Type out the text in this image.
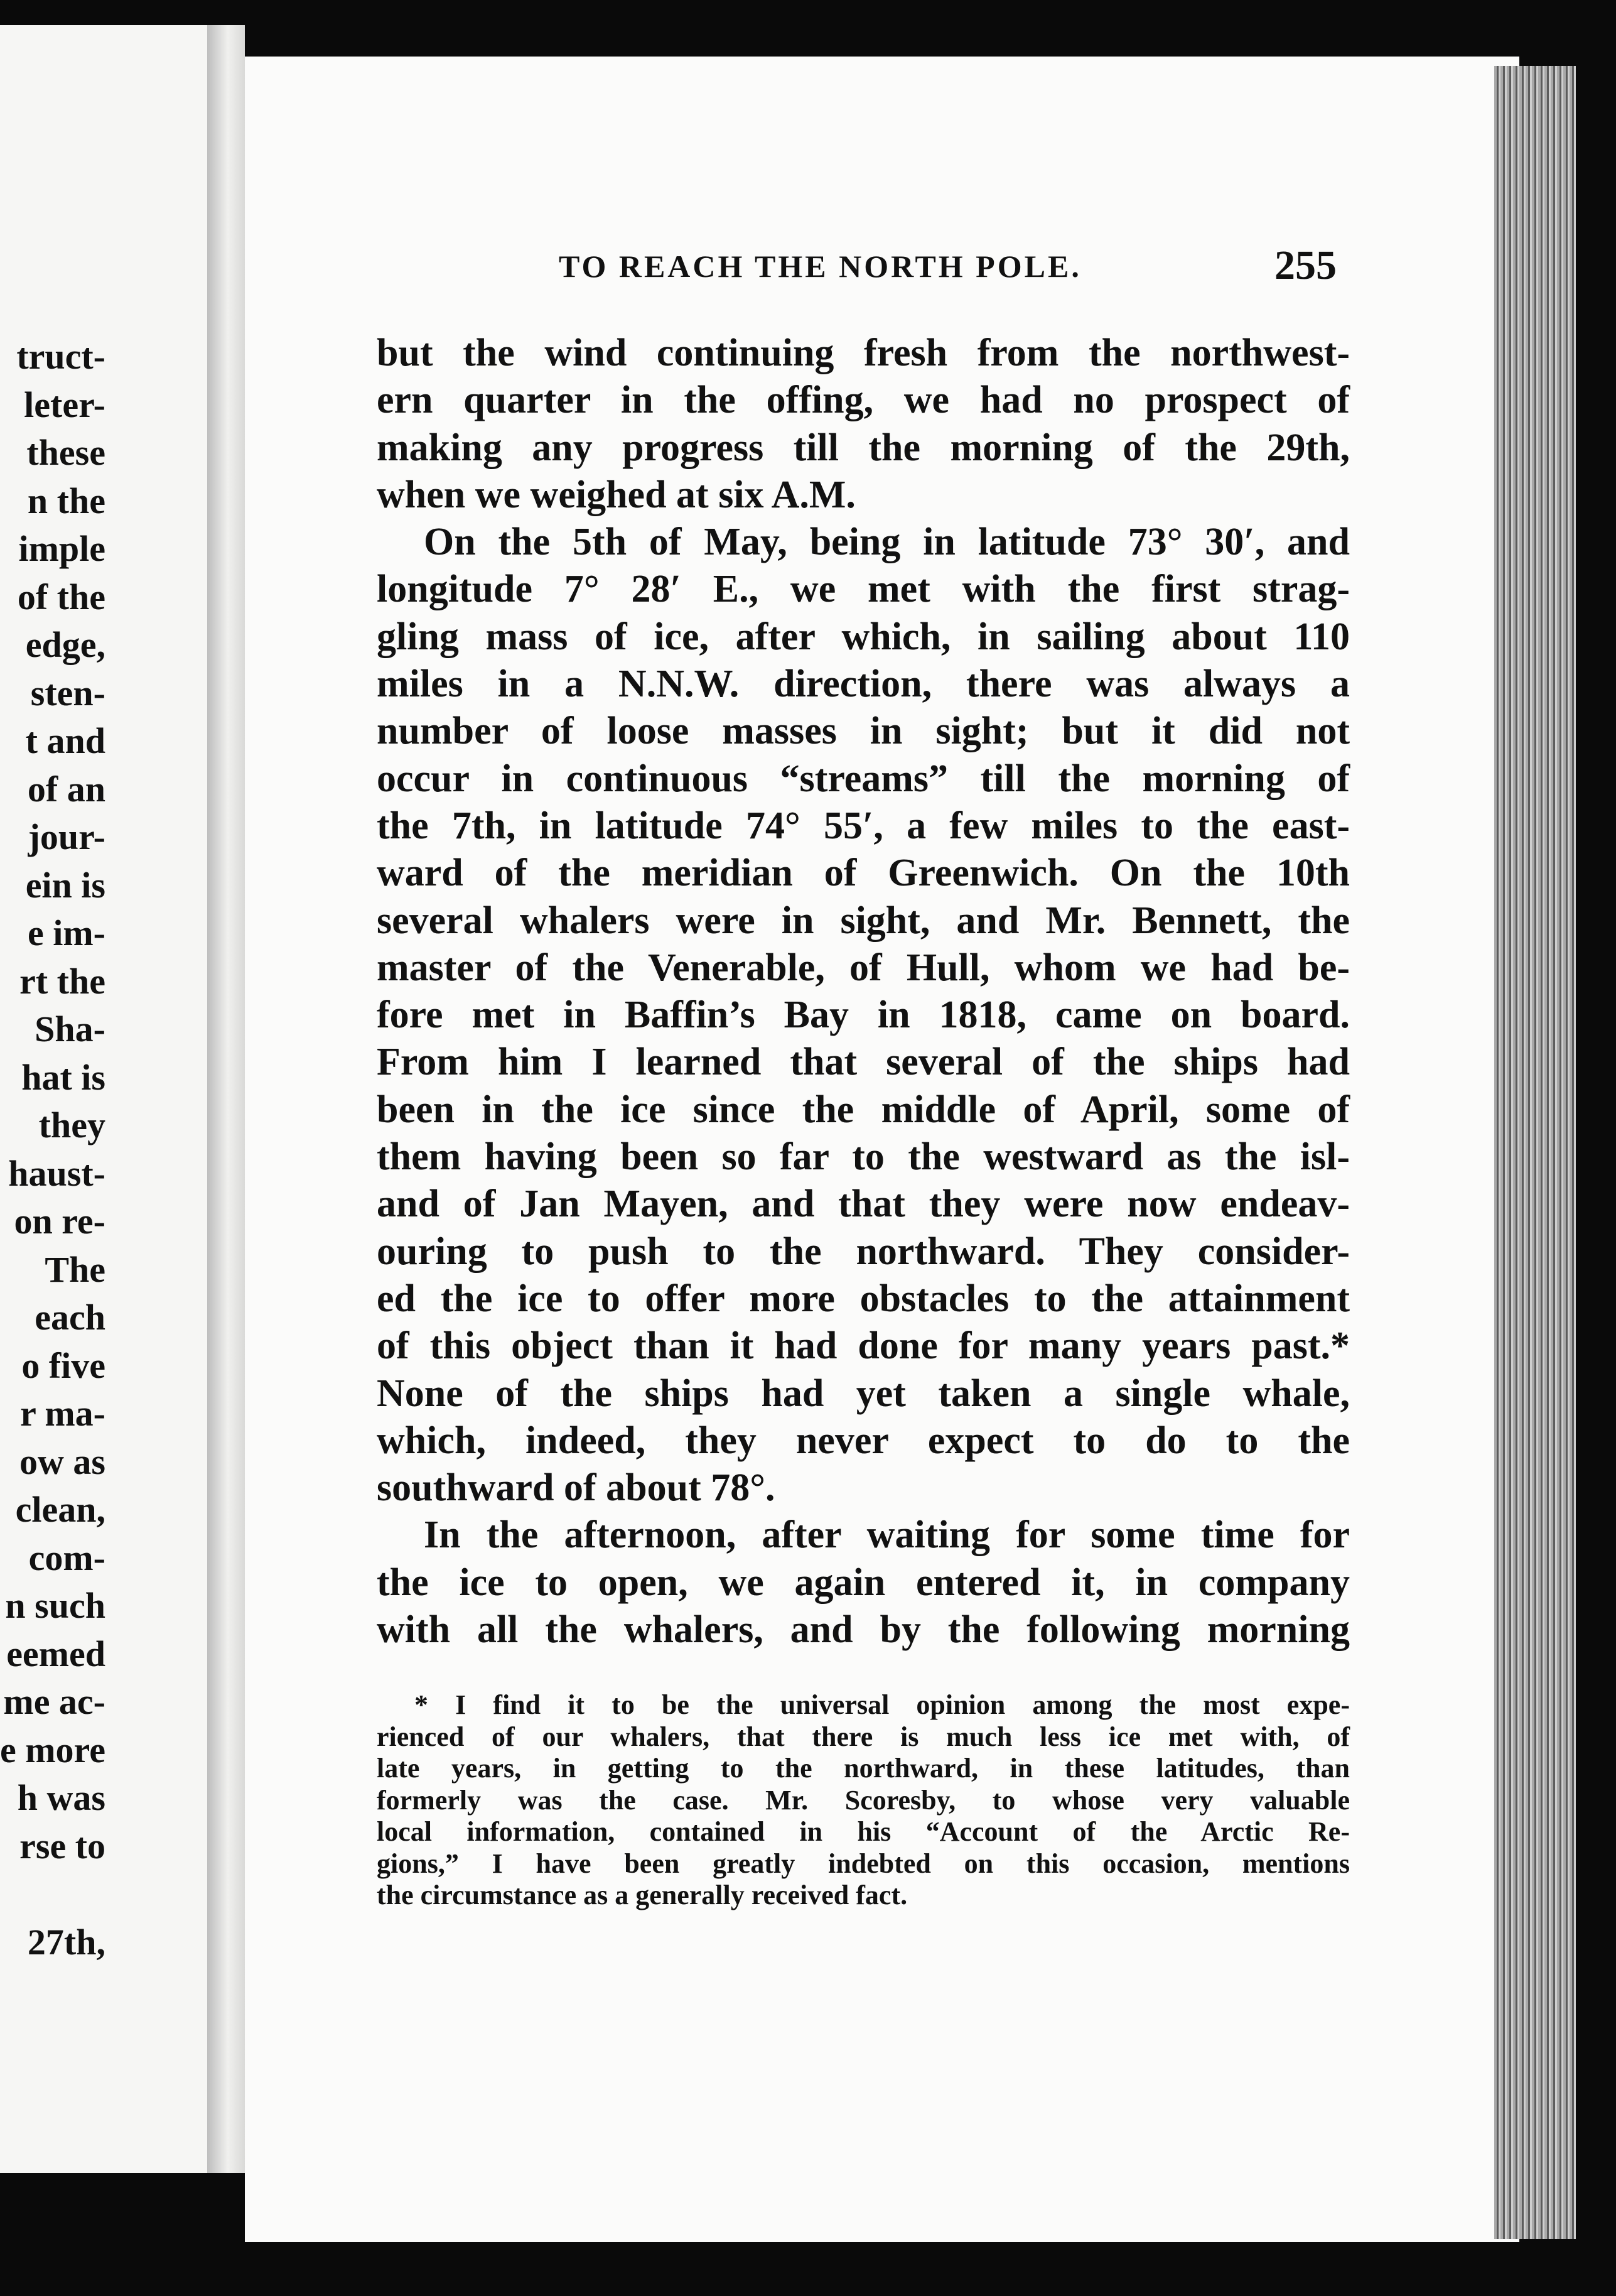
truct-
leter-
these
n the
imple
of the
edge,
sten-
t and
of an
jour-
ein is
e im-
rt the
Sha-
hat is
they
haust-
on re-
The
each
o five
r ma-
ow as
clean,
com-
n such
eemed
me ac-
e more
h was
rse to
27th,
TO REACH THE NORTH POLE.	255
but the wind continuing fresh from the northwest-
ern quarter in the offing, we had no prospect of
making any progress till the morning of the 29th,
when we weighed at six A.M.
On the 5th of May, being in latitude 73° 30′, and
longitude 7° 28′ E., we met with the first strag-
gling mass of ice, after which, in sailing about 110
miles in a N.N.W. direction, there was always a
number of loose masses in sight; but it did not
occur in continuous “streams” till the morning of
the 7th, in latitude 74° 55′, a few miles to the east-
ward of the meridian of Greenwich. On the 10th
several whalers were in sight, and Mr. Bennett, the
master of the Venerable, of Hull, whom we had be-
fore met in Baffin’s Bay in 1818, came on board.
From him I learned that several of the ships had
been in the ice since the middle of April, some of
them having been so far to the westward as the isl-
and of Jan Mayen, and that they were now endeav-
ouring to push to the northward. They consider-
ed the ice to offer more obstacles to the attainment
of this object than it had done for many years past.*
None of the ships had yet taken a single whale,
which, indeed, they never expect to do to the
southward of about 78°.
In the afternoon, after waiting for some time for
the ice to open, we again entered it, in company
with all the whalers, and by the following morning
* I find it to be the universal opinion among the most expe-
rienced of our whalers, that there is much less ice met with, of
late years, in getting to the northward, in these latitudes, than
formerly was the case. Mr. Scoresby, to whose very valuable
local information, contained in his “Account of the Arctic Re-
gions,” I have been greatly indebted on this occasion, mentions
the circumstance as a generally received fact.
